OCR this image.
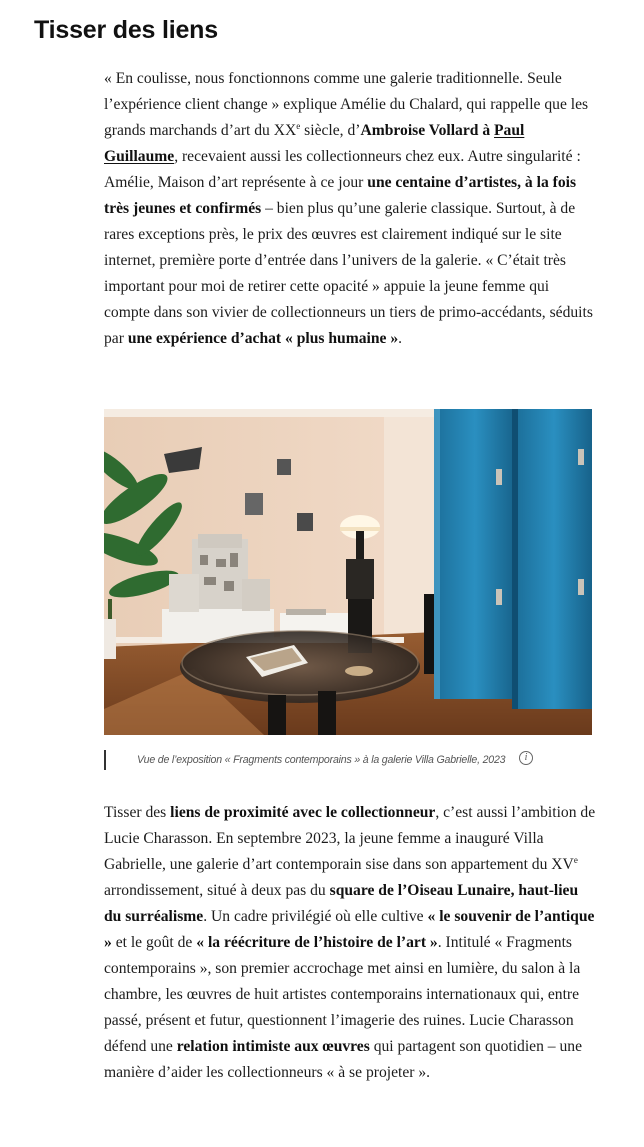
Tisser des liens

« En coulisse, nous fonctionnons comme une galerie traditionnelle. Seule l’expérience client change » explique Amélie du Chalard, qui rappelle que les grands marchands d’art du XXe siècle, d’Ambroise Vollard à Paul Guillaume, recevaient aussi les collectionneurs chez eux. Autre singularité : Amélie, Maison d’art représente à ce jour une centaine d’artistes, à la fois très jeunes et confirmés – bien plus qu’une galerie classique. Surtout, à de rares exceptions près, le prix des œuvres est clairement indiqué sur le site internet, première porte d’entrée dans l’univers de la galerie. « C’était très important pour moi de retirer cette opacité » appuie la jeune femme qui compte dans son vivier de collectionneurs un tiers de primo-accédants, séduits par une expérience d’achat « plus humaine ».

Vue de l’exposition « Fragments contemporains » à la galerie Villa Gabrielle, 2023	i

Tisser des liens de proximité avec le collectionneur, c’est aussi l’ambition de Lucie Charasson. En septembre 2023, la jeune femme a inauguré Villa Gabrielle, une galerie d’art contemporain sise dans son appartement du XVe arrondissement, situé à deux pas du square de l’Oiseau Lunaire, haut-lieu du surréalisme. Un cadre privilégié où elle cultive « le souvenir de l’antique » et le goût de « la réécriture de l’histoire de l’art ». Intitulé « Fragments contemporains », son premier accrochage met ainsi en lumière, du salon à la chambre, les œuvres de huit artistes contemporains internationaux qui, entre passé, présent et futur, questionnent l’imagerie des ruines. Lucie Charasson défend une relation intimiste aux œuvres qui partagent son quotidien – une manière d’aider les collectionneurs « à se projeter ».
